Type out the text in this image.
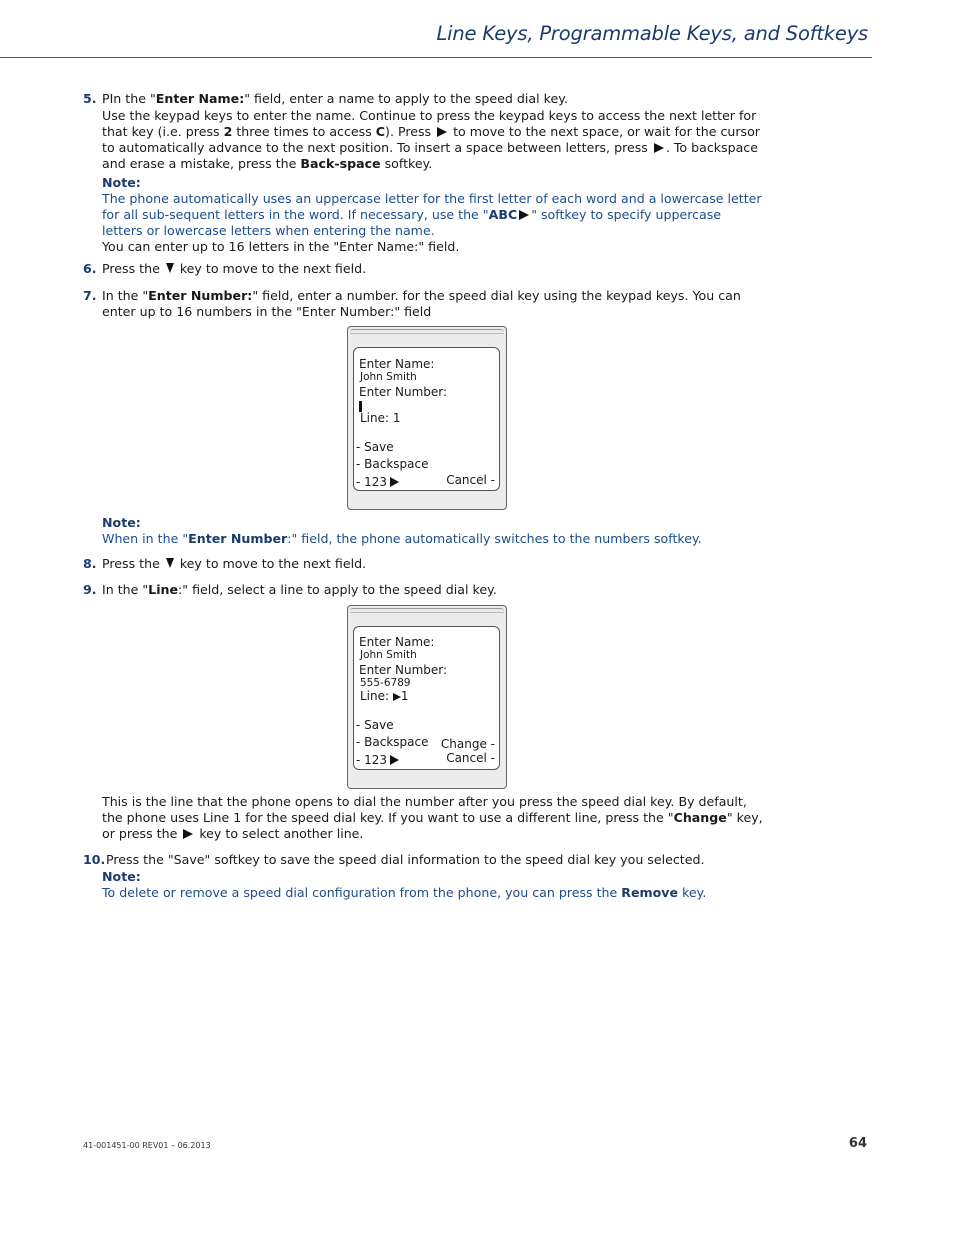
Line Keys, Programmable Keys, and Softkeys
5. PIn the "Enter Name:" field, enter a name to apply to the speed dial key.

Use the keypad keys to enter the name. Continue to press the keypad keys to access the next letter for that key (i.e. press 2 three times to access C). Press  to move to the next space, or wait for the cursor to automatically advance to the next position. To insert a space between letters, press . To backspace and erase a mistake, press the Back-space softkey.

Note:
The phone automatically uses an uppercase letter for the first letter of each word and a lowercase letter for all sub-sequent letters in the word. If necessary, use the "ABC " softkey to specify uppercase letters or lowercase letters when entering the name.

You can enter up to 16 letters in the "Enter Name:" field.

6. Press the  key to move to the next field.

7. In the "Enter Number:" field, enter a number. for the speed dial key using the keypad keys. You can enter up to 16 numbers in the "Enter Number:" field

Enter Name:
John Smith
Enter Number:
Line: 1
- Save
- Backspace
- 123	Cancel -
Note:
When in the "Enter Number:" field, the phone automatically switches to the numbers softkey.
8. Press the  key to move to the next field.

9. In the "Line:" field, select a line to apply to the speed dial key.

Enter Name:
John Smith
Enter Number:
555-6789
Line: 1
- Save
- Backspace
- 123
Change -
Cancel -

This is the line that the phone opens to dial the number after you press the speed dial key. By default, the phone uses Line 1 for the speed dial key. If you want to use a different line, press the "Change" key, or press the  key to select another line.

10. Press the "Save" softkey to save the speed dial information to the speed dial key you selected.

Note:
To delete or remove a speed dial configuration from the phone, you can press the Remove key.
41-001451-00 REV01 – 06.2013	64
